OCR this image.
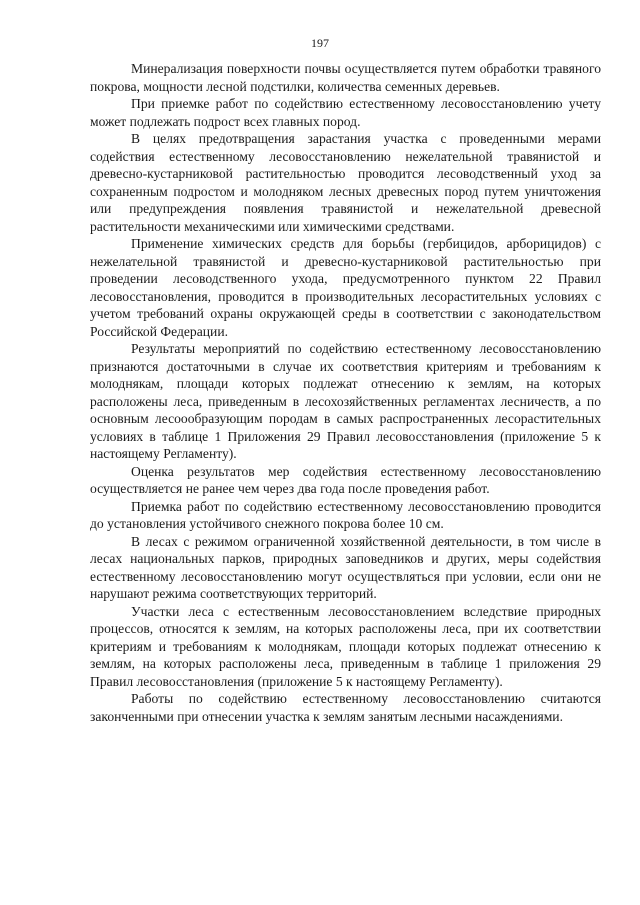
197

Минерализация поверхности почвы осуществляется путем обработки травяного покрова, мощности лесной подстилки, количества семенных деревьев.

При приемке работ по содействию естественному лесовосстановлению учету может подлежать подрост всех главных пород.

В целях предотвращения зарастания участка с проведенными мерами содействия естественному лесовосстановлению нежелательной травянистой и древесно-кустарниковой растительностью проводится лесоводственный уход за сохраненным подростом и молодняком лесных древесных пород путем уничтожения или предупреждения появления травянистой и нежелательной древесной растительности механическими или химическими средствами.

Применение химических средств для борьбы (гербицидов, арборицидов) с нежелательной травянистой и древесно-кустарниковой растительностью при проведении лесоводственного ухода, предусмотренного пунктом 22 Правил лесовосстановления, проводится в производительных лесорастительных условиях с учетом требований охраны окружающей среды в соответствии с законодательством Российской Федерации.

Результаты мероприятий по содействию естественному лесовосстановлению признаются достаточными в случае их соответствия критериям и требованиям к молоднякам, площади которых подлежат отнесению к землям, на которых расположены леса, приведенным в лесохозяйственных регламентах лесничеств, а по основным лесоообразующим породам в самых распространенных лесорастительных условиях в таблице 1 Приложения 29 Правил лесовосстановления (приложение 5 к настоящему Регламенту).

Оценка результатов мер содействия естественному лесовосстановлению осуществляется не ранее чем через два года после проведения работ.

Приемка работ по содействию естественному лесовосстановлению проводится до установления устойчивого снежного покрова более 10 см.

В лесах с режимом ограниченной хозяйственной деятельности, в том числе в лесах национальных парков, природных заповедников и других, меры содействия естественному лесовосстановлению могут осуществляться при условии, если они не нарушают режима соответствующих территорий.

Участки леса с естественным лесовосстановлением вследствие природных процессов, относятся к землям, на которых расположены леса, при их соответствии критериям и требованиям к молоднякам, площади которых подлежат отнесению к землям, на которых расположены леса, приведенным в таблице 1 приложения 29 Правил лесовосстановления (приложение 5 к настоящему Регламенту).

Работы по содействию естественному лесовосстановлению считаются законченными при отнесении участка к землям занятым лесными насаждениями.
